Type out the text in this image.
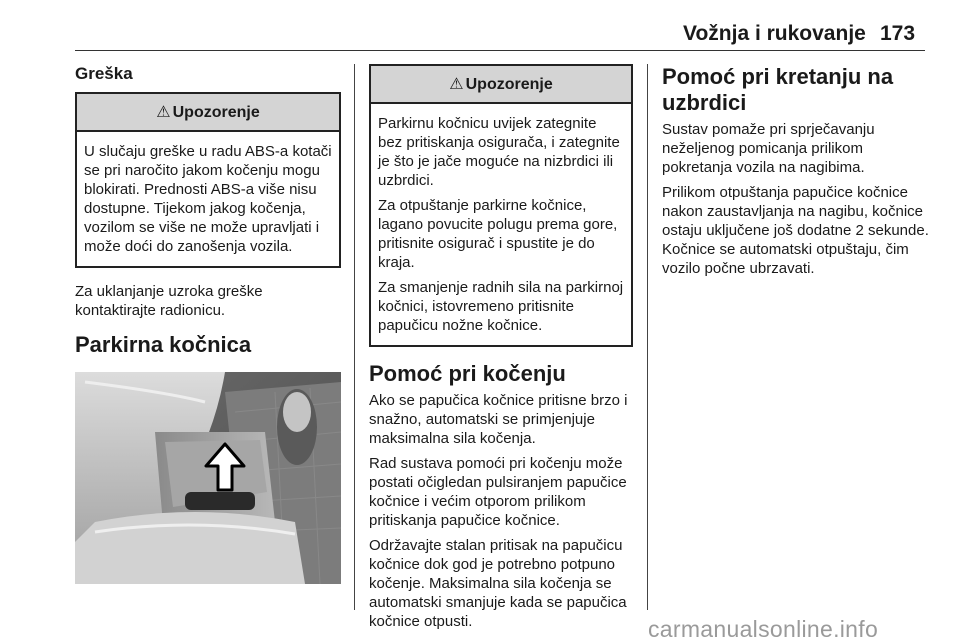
Vožnja i rukovanje 173
Greška
⚠ Upozorenje

U slučaju greške u radu ABS-a kotači se pri naročito jakom kočenju mogu blokirati. Prednosti ABS-a više nisu dostupne. Tijekom jakog kočenja, vozilom se više ne može upravljati i može doći do zanošenja vozila.

Za uklanjanje uzroka greške kontaktirajte radionicu.

Parkirna kočnica
⚠ Upozorenje

Parkirnu kočnicu uvijek zategnite bez pritiskanja osigurača, i zategnite je što je jače moguće na nizbrdici ili uzbrdici.

Za otpuštanje parkirne kočnice, lagano povucite polugu prema gore, pritisnite osigurač i spustite je do kraja.

Za smanjenje radnih sila na parkirnoj kočnici, istovremeno pritisnite papučicu nožne kočnice.

Pomoć pri kočenju

Ako se papučica kočnice pritisne brzo i snažno, automatski se primjenjuje maksimalna sila kočenja.

Rad sustava pomoći pri kočenju može postati očigledan pulsiranjem papučice kočnice i većim otporom prilikom pritiskanja papučice kočnice.

Održavajte stalan pritisak na papučicu kočnice dok god je potrebno potpuno kočenje. Maksimalna sila kočenja se automatski smanjuje kada se papučica kočnice otpusti.

Pomoć pri kretanju na uzbrdici

Sustav pomaže pri sprječavanju neželjenog pomicanja prilikom pokretanja vozila na nagibima.

Prilikom otpuštanja papučice kočnice nakon zaustavljanja na nagibu, kočnice ostaju uključene još dodatne 2 sekunde. Kočnice se automatski otpuštaju, čim vozilo počne ubrzavati.

carmanualsonline.info
